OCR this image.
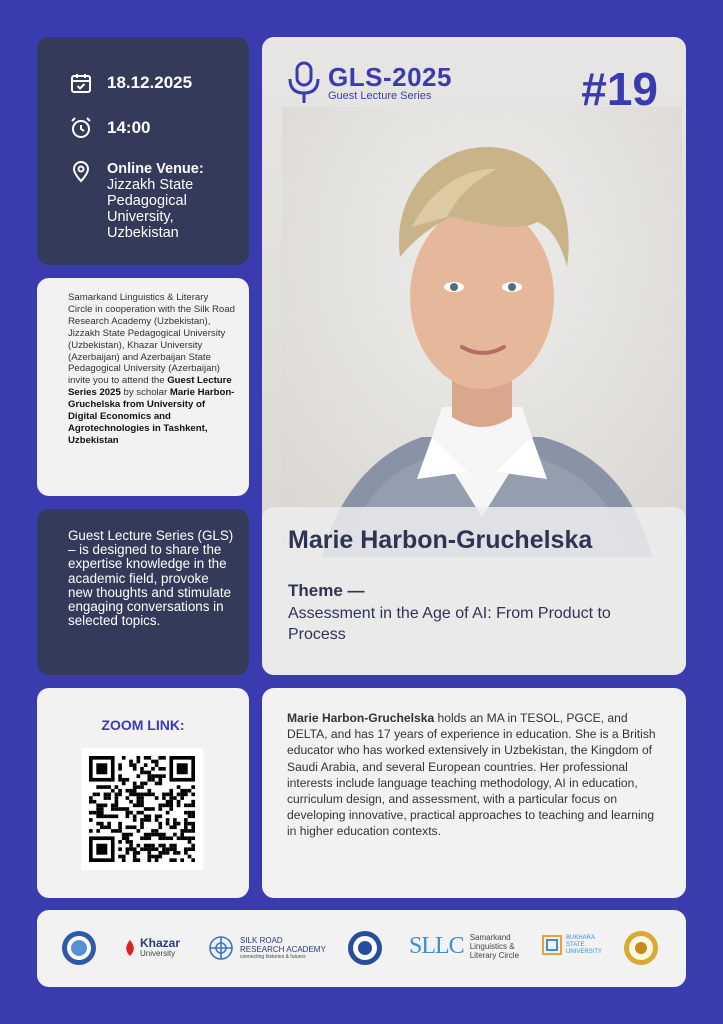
18.12.2025
14:00
Online Venue:
Jizzakh State Pedagogical University, Uzbekistan

Samarkand Linguistics & Literary Circle in cooperation with the Silk Road Research Academy (Uzbekistan), Jizzakh State Pedagogical University (Uzbekistan), Khazar University (Azerbaijan) and Azerbaijan State Pedagogical University (Azerbaijan) invite you to attend the Guest Lecture Series 2025 by scholar Marie Harbon-Gruchelska from University of Digital Economics and Agrotechnologies in Tashkent, Uzbekistan

Guest Lecture Series (GLS) – is designed to share the expertise knowledge in the academic field, provoke new thoughts and stimulate engaging conversations in selected topics.

GLS-2025
Guest Lecture Series	#19
Marie Harbon-Gruchelska
Theme —
Assessment in the Age of AI: From Product to Process
ZOOM LINK:	Marie Harbon-Gruchelska holds an MA in TESOL, PGCE, and DELTA, and has 17 years of experience in education. She is a British educator who has worked extensively in Uzbekistan, the Kingdom of Saudi Arabia, and several European countries. Her professional interests include language teaching methodology, AI in education, curriculum design, and assessment, with a particular focus on developing innovative, practical approaches to teaching and learning in higher education contexts.

Khazar
University
SILK ROAD
RESEARCH ACADEMY
connecting histories & futures	SLLC Samarkand
Linguistics &
Literary Circle
BUKHARA
STATE
UNIVERSITY
